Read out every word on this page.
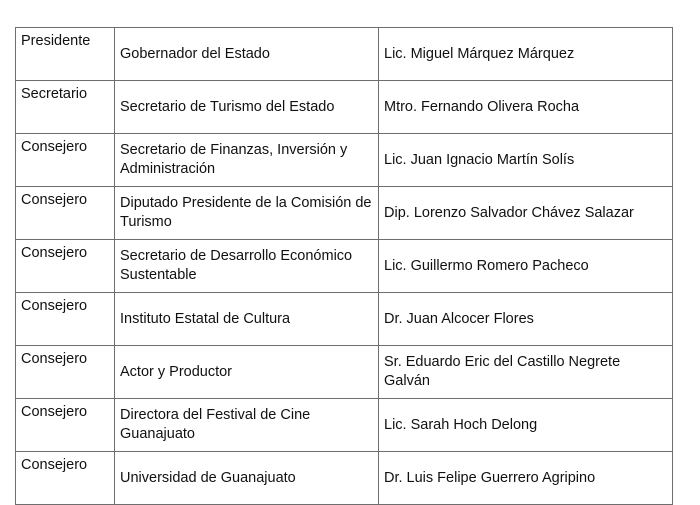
Presidente	Gobernador del Estado	Lic. Miguel Márquez Márquez
Secretario	Secretario de Turismo del Estado	Mtro. Fernando Olivera Rocha
Consejero	Secretario de Finanzas, Inversión y Administración	Lic. Juan Ignacio Martín Solís
Consejero	Diputado Presidente de la Comisión de Turismo	Dip. Lorenzo Salvador Chávez Salazar
Consejero	Secretario de Desarrollo Económico Sustentable	Lic. Guillermo Romero Pacheco
Consejero	Instituto Estatal de Cultura	Dr. Juan Alcocer Flores
Consejero	Actor y Productor	Sr. Eduardo Eric del Castillo Negrete Galván
Consejero	Directora del Festival de Cine Guanajuato	Lic. Sarah Hoch Delong
Consejero	Universidad de Guanajuato	Dr. Luis Felipe Guerrero Agripino
